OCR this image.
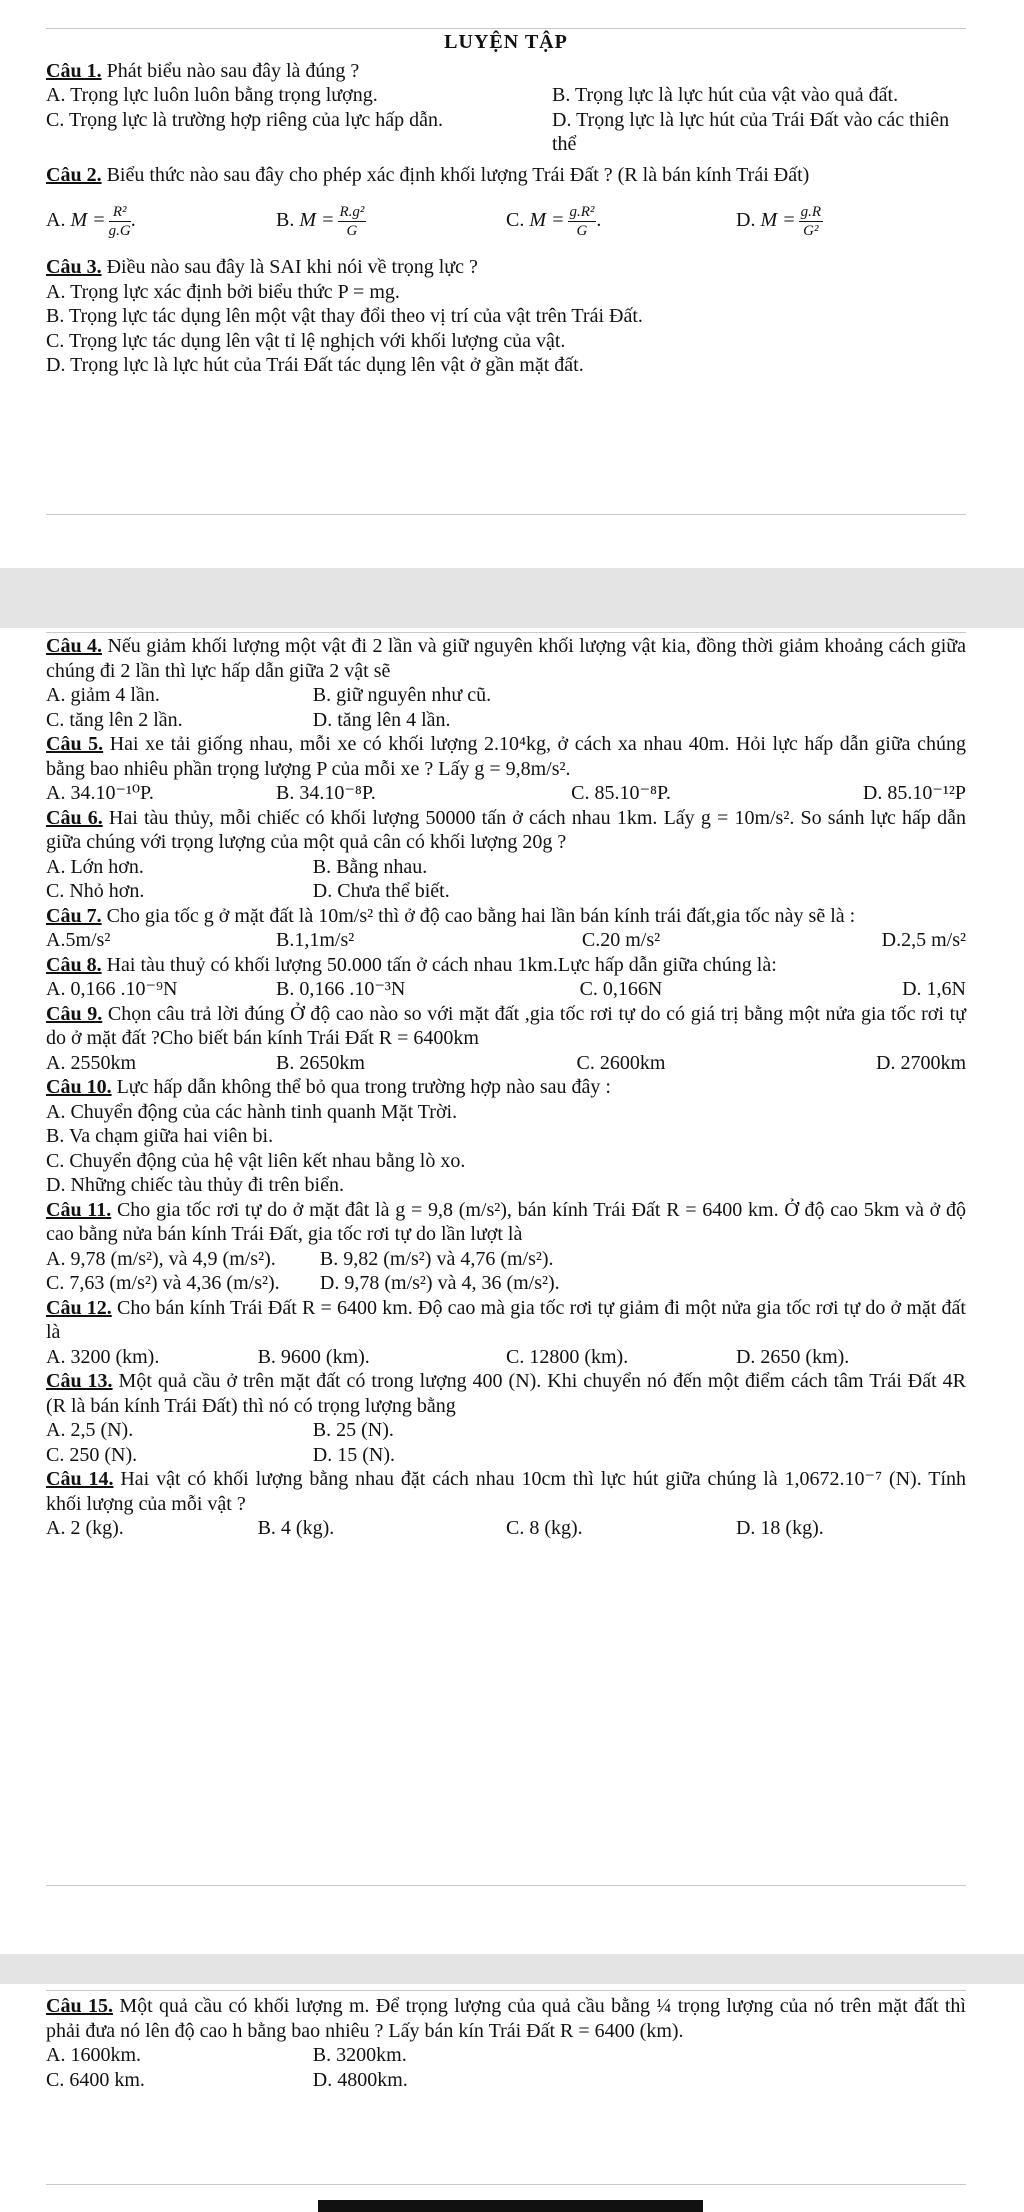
LUYỆN TẬP

Câu 1. Phát biểu nào sau đây là đúng ?

A. Trọng lực luôn luôn bằng trọng lượng.	B. Trọng lực là lực hút của vật vào quả đất.
C. Trọng lực là trường hợp riêng của lực hấp dẫn.	D. Trọng lực là lực hút của Trái Đất vào các thiên thể

Câu 2. Biểu thức nào sau đây cho phép xác định khối lượng Trái Đất ? (R là bán kính Trái Đất)

A. $M = \frac{\text{R²}}{g.G}$ .	B. $M = \frac{\text{R.g²}}{G}$	C. $M = \frac{\text{g.R²}}{G}$ .	D. $M = \frac{g.R}{\text{G²}}$

Câu 3. Điều nào sau đây là SAI khi nói về trọng lực ?

A. Trọng lực xác định bởi biểu thức P = mg.
B. Trọng lực tác dụng lên một vật thay đổi theo vị trí của vật trên Trái Đất.
C. Trọng lực tác dụng lên vật tỉ lệ nghịch với khối lượng của vật.
D. Trọng lực là lực hút của Trái Đất tác dụng lên vật ở gần mặt đất.

Câu 4. Nếu giảm khối lượng một vật đi 2 lần và giữ nguyên khối lượng vật kia, đồng thời giảm khoảng cách giữa chúng đi 2 lần thì lực hấp dẫn giữa 2 vật sẽ

A. giảm 4 lần.	B. giữ nguyên như cũ.
C. tăng lên 2 lần.	D. tăng lên 4 lần.

Câu 5. Hai xe tải giống nhau, mỗi xe có khối lượng 2.10⁴kg, ở cách xa nhau 40m. Hỏi lực hấp dẫn giữa chúng bằng bao nhiêu phần trọng lượng P của mỗi xe ? Lấy g = 9,8m/s².

A. 34.10⁻¹⁰P.	B. 34.10⁻⁸P.	C. 85.10⁻⁸P.	D. 85.10⁻¹²P

Câu 6. Hai tàu thủy, mỗi chiếc có khối lượng 50000 tấn ở cách nhau 1km. Lấy g = 10m/s². So sánh lực hấp dẫn giữa chúng với trọng lượng của một quả cân có khối lượng 20g ?

A. Lớn hơn.	B. Bằng nhau.
C. Nhỏ hơn.	D. Chưa thể biết.

Câu 7. Cho gia tốc g ở mặt đất là 10m/s² thì ở độ cao bằng hai lần bán kính trái đất,gia tốc này sẽ là :

A.5m/s²	B.1,1m/s²	C.20 m/s²	D.2,5 m/s²

Câu 8. Hai tàu thuỷ có khối lượng 50.000 tấn ở cách nhau 1km.Lực hấp dẫn giữa chúng là:

A. 0,166 .10⁻⁹N	B. 0,166 .10⁻³N	C. 0,166N	D. 1,6N

Câu 9. Chọn câu trả lời đúng Ở độ cao nào so với mặt đất ,gia tốc rơi tự do có giá trị bằng một nửa gia tốc rơi tự do ở mặt đất ?Cho biết bán kính Trái Đất R = 6400km

A. 2550km	B. 2650km	C. 2600km	D. 2700km

Câu 10. Lực hấp dẫn không thể bỏ qua trong trường hợp nào sau đây :

A. Chuyển động của các hành tinh quanh Mặt Trời.
B. Va chạm giữa hai viên bi.
C. Chuyển động của hệ vật liên kết nhau bằng lò xo.
D. Những chiếc tàu thủy đi trên biển.

Câu 11. Cho gia tốc rơi tự do ở mặt đât là g = 9,8 (m/s²), bán kính Trái Đất R = 6400 km. Ở độ cao 5km và ở độ cao bằng nửa bán kính Trái Đất, gia tốc rơi tự do lần lượt là

A. 9,78 (m/s²), và 4,9 (m/s²).	B. 9,82 (m/s²) và 4,76 (m/s²).
C. 7,63 (m/s²) và 4,36 (m/s²).	D. 9,78 (m/s²) và 4, 36 (m/s²).

Câu 12. Cho bán kính Trái Đất R = 6400 km. Độ cao mà gia tốc rơi tự giảm đi một nửa gia tốc rơi tự do ở mặt đất là

A. 3200 (km).	B. 9600 (km).	C. 12800 (km).	D. 2650 (km).

Câu 13. Một quả cầu ở trên mặt đất có trong lượng 400 (N). Khi chuyển nó đến một điểm cách tâm Trái Đất 4R (R là bán kính Trái Đất) thì nó có trọng lượng bằng

A. 2,5 (N).	B. 25 (N).
C. 250 (N).	D. 15 (N).

Câu 14. Hai vật có khối lượng bằng nhau đặt cách nhau 10cm thì lực hút giữa chúng là 1,0672.10⁻⁷ (N). Tính khối lượng của mỗi vật ?

A. 2 (kg).	B. 4 (kg).	C. 8 (kg).	D. 18 (kg).

Câu 15. Một quả cầu có khối lượng m. Để trọng lượng của quả cầu bằng ¼ trọng lượng của nó trên mặt đất thì phải đưa nó lên độ cao h bằng bao nhiêu ? Lấy bán kín Trái Đất R = 6400 (km).

A. 1600km.	B. 3200km.
C. 6400 km.	D. 4800km.
